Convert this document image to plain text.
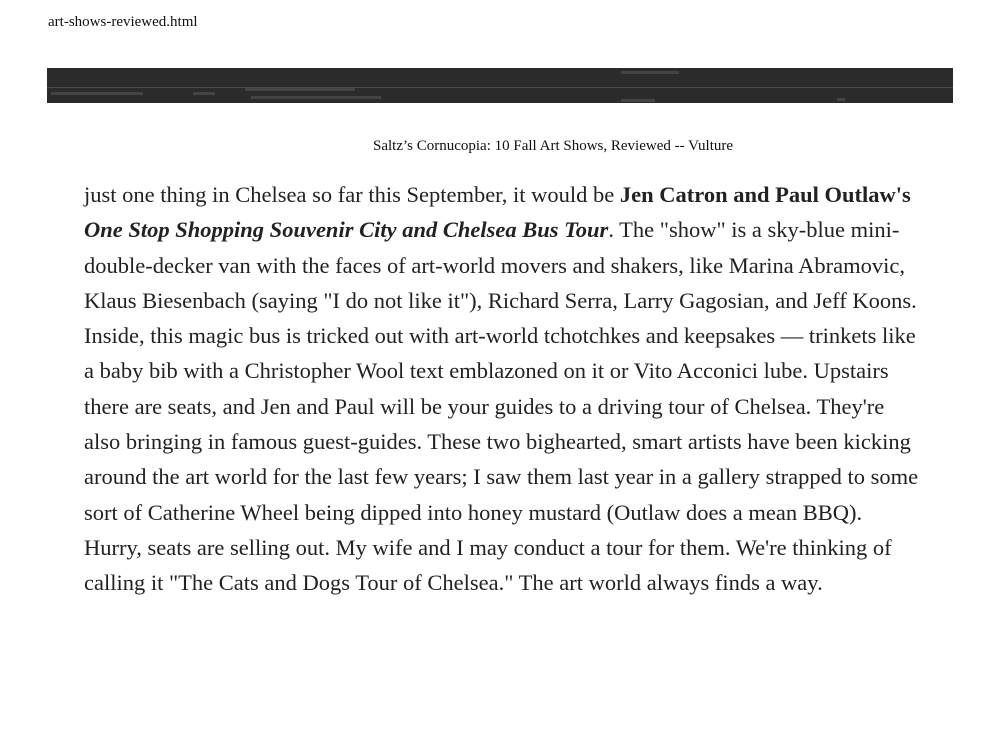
art-shows-reviewed.html

Saltz’s Cornucopia: 10 Fall Art Shows, Reviewed -- Vulture

just one thing in Chelsea so far this September, it would be Jen Catron and Paul Outlaw's One Stop Shopping Souvenir City and Chelsea Bus Tour. The "show" is a sky-blue mini-double-decker van with the faces of art-world movers and shakers, like Marina Abramovic, Klaus Biesenbach (saying "I do not like it"), Richard Serra, Larry Gagosian, and Jeff Koons. Inside, this magic bus is tricked out with art-world tchotchkes and keepsakes — trinkets like a baby bib with a Christopher Wool text emblazoned on it or Vito Acconici lube. Upstairs there are seats, and Jen and Paul will be your guides to a driving tour of Chelsea. They're also bringing in famous guest-guides. These two bighearted, smart artists have been kicking around the art world for the last few years; I saw them last year in a gallery strapped to some sort of Catherine Wheel being dipped into honey mustard (Outlaw does a mean BBQ). Hurry, seats are selling out. My wife and I may conduct a tour for them. We're thinking of calling it "The Cats and Dogs Tour of Chelsea." The art world always finds a way.
